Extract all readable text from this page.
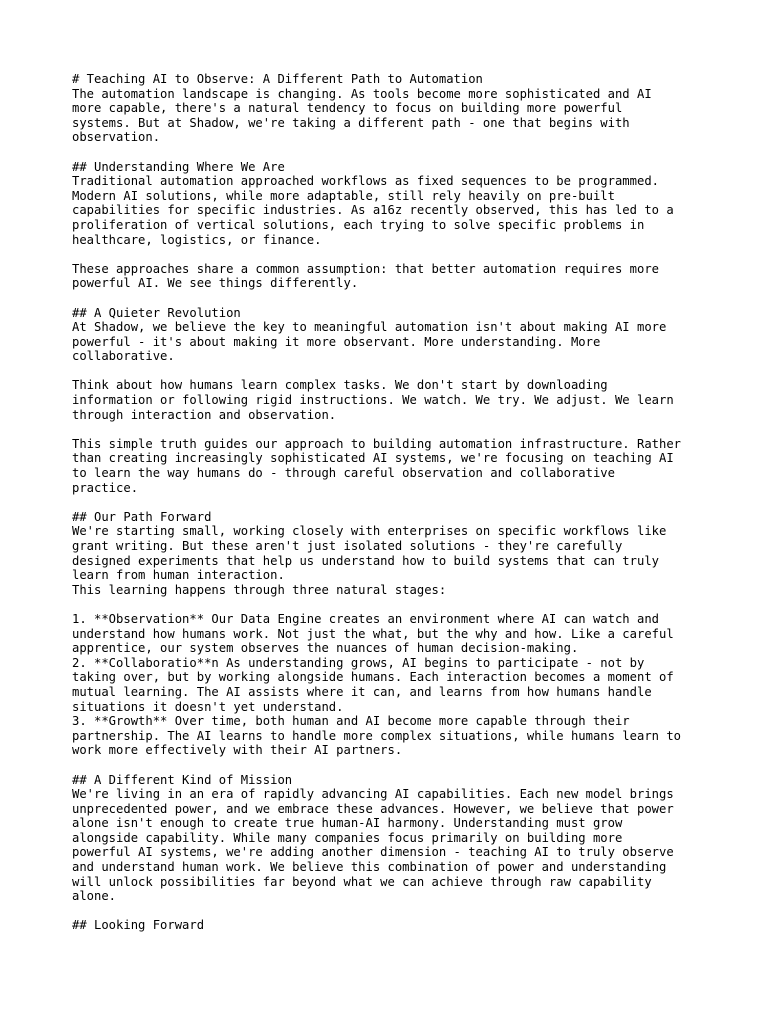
# Teaching AI to Observe: A Different Path to Automation
The automation landscape is changing. As tools become more sophisticated and AI
more capable, there's a natural tendency to focus on building more powerful
systems. But at Shadow, we're taking a different path - one that begins with
observation.
## Understanding Where We Are
Traditional automation approached workflows as fixed sequences to be programmed.
Modern AI solutions, while more adaptable, still rely heavily on pre-built
capabilities for specific industries. As a16z recently observed, this has led to a
proliferation of vertical solutions, each trying to solve specific problems in
healthcare, logistics, or finance.
These approaches share a common assumption: that better automation requires more
powerful AI. We see things differently.
## A Quieter Revolution
At Shadow, we believe the key to meaningful automation isn't about making AI more
powerful - it's about making it more observant. More understanding. More
collaborative.
Think about how humans learn complex tasks. We don't start by downloading
information or following rigid instructions. We watch. We try. We adjust. We learn
through interaction and observation.
This simple truth guides our approach to building automation infrastructure. Rather
than creating increasingly sophisticated AI systems, we're focusing on teaching AI
to learn the way humans do - through careful observation and collaborative
practice.
## Our Path Forward
We're starting small, working closely with enterprises on specific workflows like
grant writing. But these aren't just isolated solutions - they're carefully
designed experiments that help us understand how to build systems that can truly
learn from human interaction.
This learning happens through three natural stages:
1. **Observation** Our Data Engine creates an environment where AI can watch and
understand how humans work. Not just the what, but the why and how. Like a careful
apprentice, our system observes the nuances of human decision-making.
2. **Collaboratio**n As understanding grows, AI begins to participate - not by
taking over, but by working alongside humans. Each interaction becomes a moment of
mutual learning. The AI assists where it can, and learns from how humans handle
situations it doesn't yet understand.
3. **Growth** Over time, both human and AI become more capable through their
partnership. The AI learns to handle more complex situations, while humans learn to
work more effectively with their AI partners.
## A Different Kind of Mission
We're living in an era of rapidly advancing AI capabilities. Each new model brings
unprecedented power, and we embrace these advances. However, we believe that power
alone isn't enough to create true human-AI harmony. Understanding must grow
alongside capability. While many companies focus primarily on building more
powerful AI systems, we're adding another dimension - teaching AI to truly observe
and understand human work. We believe this combination of power and understanding
will unlock possibilities far beyond what we can achieve through raw capability
alone.
## Looking Forward
